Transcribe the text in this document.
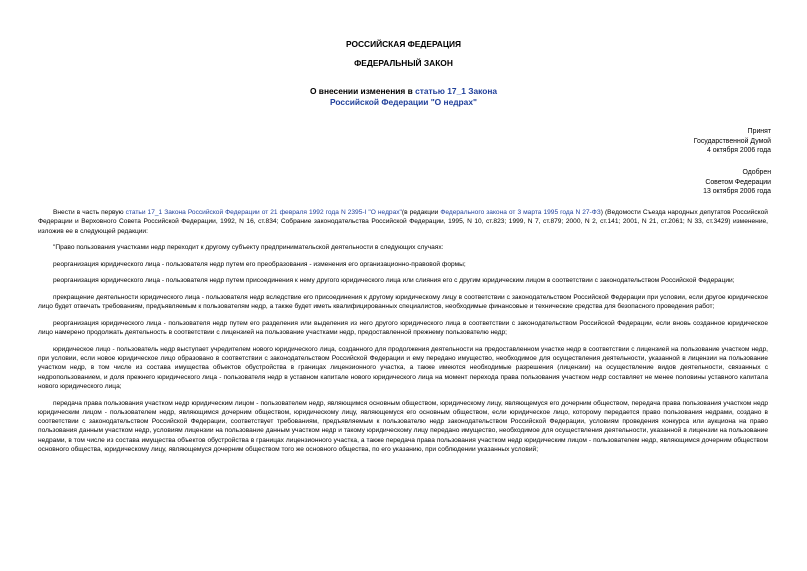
РОССИЙСКАЯ ФЕДЕРАЦИЯ
ФЕДЕРАЛЬНЫЙ ЗАКОН
О внесении изменения в статью 17_1 Закона
Российской Федерации "О недрах"
Принят
Государственной Думой
4 октября 2006 года
Одобрен
Советом Федерации
13 октября 2006 года

Внести в часть первую статьи 17_1 Закона Российской Федерации от 21 февраля 1992 года N 2395-I "О недрах"(в редакции Федерального закона от 3 марта 1995 года N 27-ФЗ) (Ведомости Съезда народных депутатов Российской Федерации и Верховного Совета Российской Федерации, 1992, N 16, ст.834; Собрание законодательства Российской Федерации, 1995, N 10, ст.823; 1999, N 7, ст.879; 2000, N 2, ст.141; 2001, N 21, ст.2061; N 33, ст.3429) изменение, изложив ее в следующей редакции:

"Право пользования участками недр переходит к другому субъекту предпринимательской деятельности в следующих случаях:

реорганизация юридического лица - пользователя недр путем его преобразования - изменения его организационно-правовой формы;

реорганизация юридического лица - пользователя недр путем присоединения к нему другого юридического лица или слияния его с другим юридическим лицом в соответствии с законодательством Российской Федерации;

прекращение деятельности юридического лица - пользователя недр вследствие его присоединения к другому юридическому лицу в соответствии с законодательством Российской Федерации при условии, если другое юридическое лицо будет отвечать требованиям, предъявляемым к пользователям недр, а также будет иметь квалифицированных специалистов, необходимые финансовые и технические средства для безопасного проведения работ;

реорганизация юридического лица - пользователя недр путем его разделения или выделения из него другого юридического лица в соответствии с законодательством Российской Федерации, если вновь созданное юридическое лицо намерено продолжать деятельность в соответствии с лицензией на пользование участками недр, предоставленной прежнему пользователю недр;

юридическое лицо - пользователь недр выступает учредителем нового юридического лица, созданного для продолжения деятельности на предоставленном участке недр в соответствии с лицензией на пользование участком недр, при условии, если новое юридическое лицо образовано в соответствии с законодательством Российской Федерации и ему передано имущество, необходимое для осуществления деятельности, указанной в лицензии на пользование участком недр, в том числе из состава имущества объектов обустройства в границах лицензионного участка, а также имеются необходимые разрешения (лицензии) на осуществление видов деятельности, связанных с недропользованием, и доля прежнего юридического лица - пользователя недр в уставном капитале нового юридического лица на момент перехода права пользования участком недр составляет не менее половины уставного капитала нового юридического лица;

передача права пользования участком недр юридическим лицом - пользователем недр, являющимся основным обществом, юридическому лицу, являющемуся его дочерним обществом, передача права пользования участком недр юридическим лицом - пользователем недр, являющимся дочерним обществом, юридическому лицу, являющемуся его основным обществом, если юридическое лицо, которому передается право пользования недрами, создано в соответствии с законодательством Российской Федерации, соответствует требованиям, предъявляемым к пользователю недр законодательством Российской Федерации, условиям проведения конкурса или аукциона на право пользования данным участком недр, условиям лицензии на пользование данным участком недр и такому юридическому лицу передано имущество, необходимое для осуществления деятельности, указанной в лицензии на пользование недрами, в том числе из состава имущества объектов обустройства в границах лицензионного участка, а также передача права пользования участком недр юридическим лицом - пользователем недр, являющимся дочерним обществом основного общества, юридическому лицу, являющемуся дочерним обществом того же основного общества, по его указанию, при соблюдении указанных условий;
